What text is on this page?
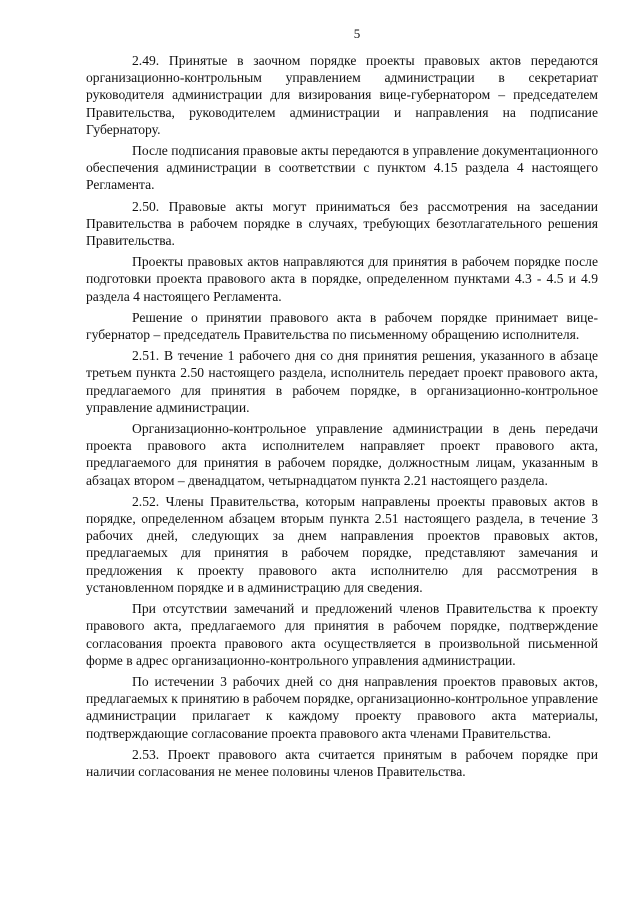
5

2.49. Принятые в заочном порядке проекты правовых актов передаются организационно-контрольным управлением администрации в секретариат руководителя администрации для визирования вице-губернатором – председателем Правительства, руководителем администрации и направления на подписание Губернатору.

После подписания правовые акты передаются в управление документационного обеспечения администрации в соответствии с пунктом 4.15 раздела 4 настоящего Регламента.

2.50. Правовые акты могут приниматься без рассмотрения на заседании Правительства в рабочем порядке в случаях, требующих безотлагательного решения Правительства.

Проекты правовых актов направляются для принятия в рабочем порядке после подготовки проекта правового акта в порядке, определенном пунктами 4.3 - 4.5 и 4.9 раздела 4 настоящего Регламента.

Решение о принятии правового акта в рабочем порядке принимает вице-губернатор – председатель Правительства по письменному обращению исполнителя.

2.51. В течение 1 рабочего дня со дня принятия решения, указанного в абзаце третьем пункта 2.50 настоящего раздела, исполнитель передает проект правового акта, предлагаемого для принятия в рабочем порядке, в организационно-контрольное управление администрации.

Организационно-контрольное управление администрации в день передачи проекта правового акта исполнителем направляет проект правового акта, предлагаемого для принятия в рабочем порядке, должностным лицам, указанным в абзацах втором – двенадцатом, четырнадцатом пункта 2.21 настоящего раздела.

2.52. Члены Правительства, которым направлены проекты правовых актов в порядке, определенном абзацем вторым пункта 2.51 настоящего раздела, в течение 3 рабочих дней, следующих за днем направления проектов правовых актов, предлагаемых для принятия в рабочем порядке, представляют замечания и предложения к проекту правового акта исполнителю для рассмотрения в установленном порядке и в администрацию для сведения.

При отсутствии замечаний и предложений членов Правительства к проекту правового акта, предлагаемого для принятия в рабочем порядке, подтверждение согласования проекта правового акта осуществляется в произвольной письменной форме в адрес организационно-контрольного управления администрации.

По истечении 3 рабочих дней со дня направления проектов правовых актов, предлагаемых к принятию в рабочем порядке, организационно-контрольное управление администрации прилагает к каждому проекту правового акта материалы, подтверждающие согласование проекта правового акта членами Правительства.

2.53. Проект правового акта считается принятым в рабочем порядке при наличии согласования не менее половины членов Правительства.
